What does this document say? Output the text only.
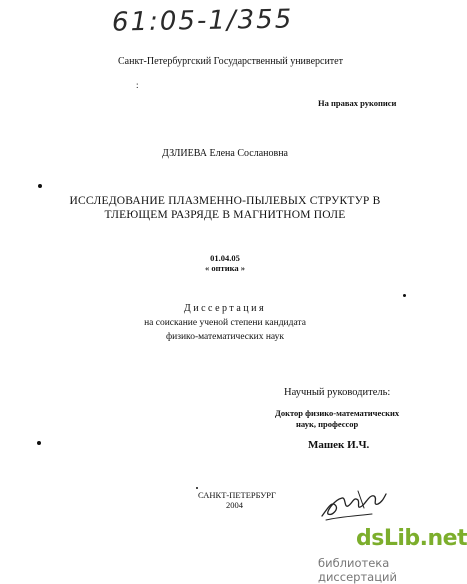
61:05-1/355
Санкт-Петербургский Государственный университет
:
На правах рукописи
ДЗЛИЕВА Елена Сослановна
ИССЛЕДОВАНИЕ ПЛАЗМЕННО-ПЫЛЕВЫХ СТРУКТУР В
ТЛЕЮЩЕМ РАЗРЯДЕ В МАГНИТНОМ ПОЛЕ
01.04.05
« оптика »
Диссертация
на соискание ученой степени кандидата
физико-математических наук
Научный руководитель:
Доктор физико-математических
наук, профессор
Машек И.Ч.
САНКТ-ПЕТЕРБУРГ
2004
dsLib.net
библиотека диссертаций
